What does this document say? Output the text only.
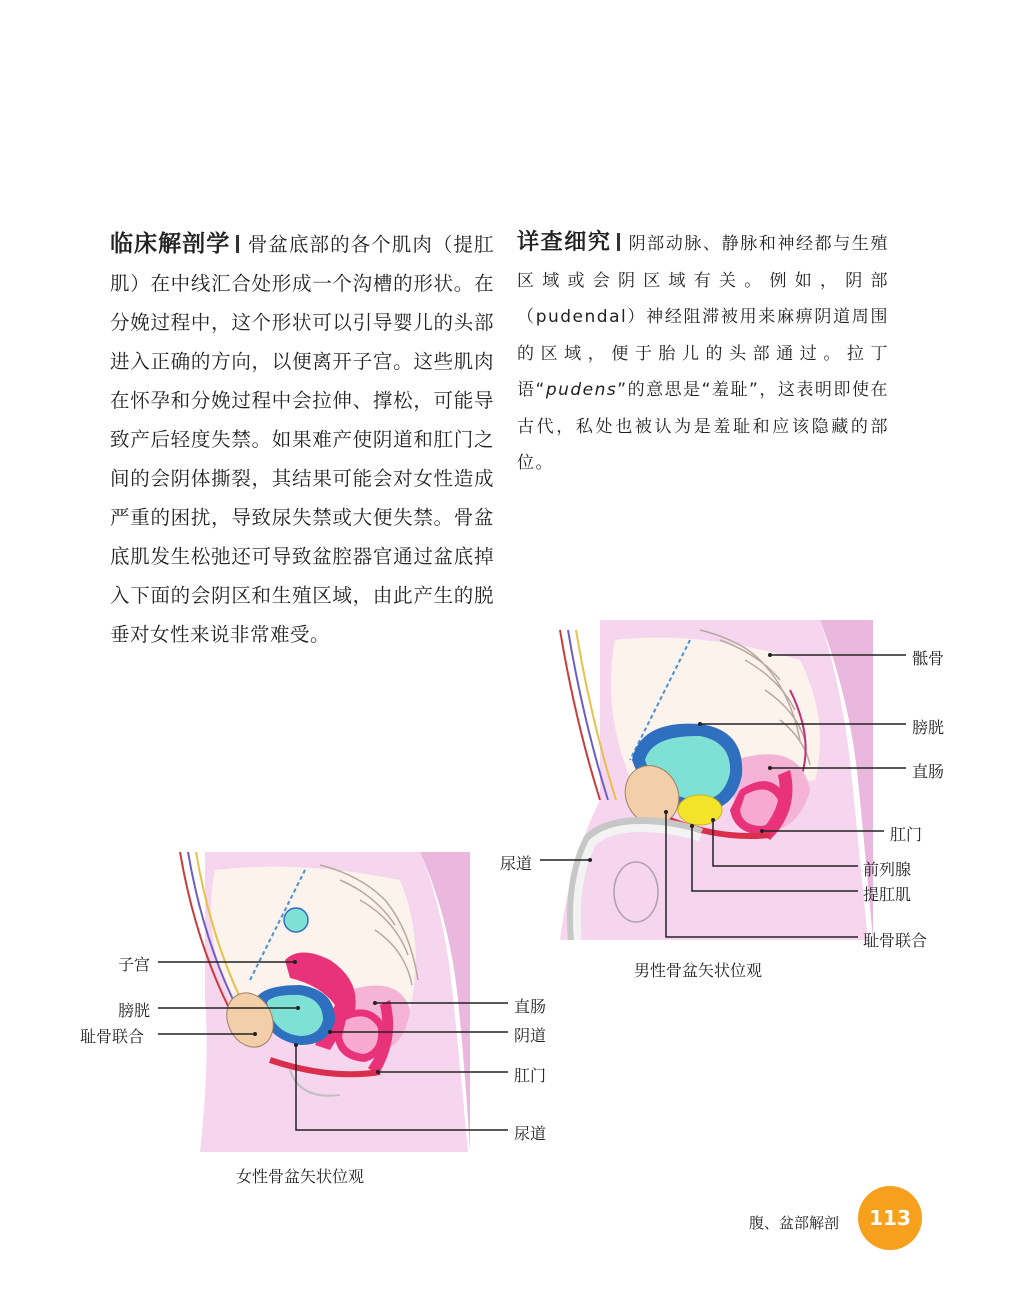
临床解剖学 骨盆底部的各个肌肉（提肛肌）在中线汇合处形成一个沟槽的形状。在分娩过程中，这个形状可以引导婴儿的头部进入正确的方向，以便离开子宫。这些肌肉在怀孕和分娩过程中会拉伸、撑松，可能导致产后轻度失禁。如果难产使阴道和肛门之间的会阴体撕裂，其结果可能会对女性造成严重的困扰，导致尿失禁或大便失禁。骨盆底肌发生松弛还可导致盆腔器官通过盆底掉入下面的会阴区和生殖区域，由此产生的脱垂对女性来说非常难受。
详查细究 阴部动脉、静脉和神经都与生殖区域或会阴区域有关。例如，阴部（pudendal）神经阻滞被用来麻痹阴道周围的区域，便于胎儿的头部通过。拉丁语“pudens”的意思是“羞耻”，这表明即使在古代，私处也被认为是羞耻和应该隐藏的部位。
骶骨
膀胱
直肠
肛门
前列腺
提肛肌
耻骨联合
尿道
男性骨盆矢状位观
子宫
膀胱
耻骨联合
直肠
阴道
肛门
尿道
女性骨盆矢状位观
腹、盆部解剖 113
